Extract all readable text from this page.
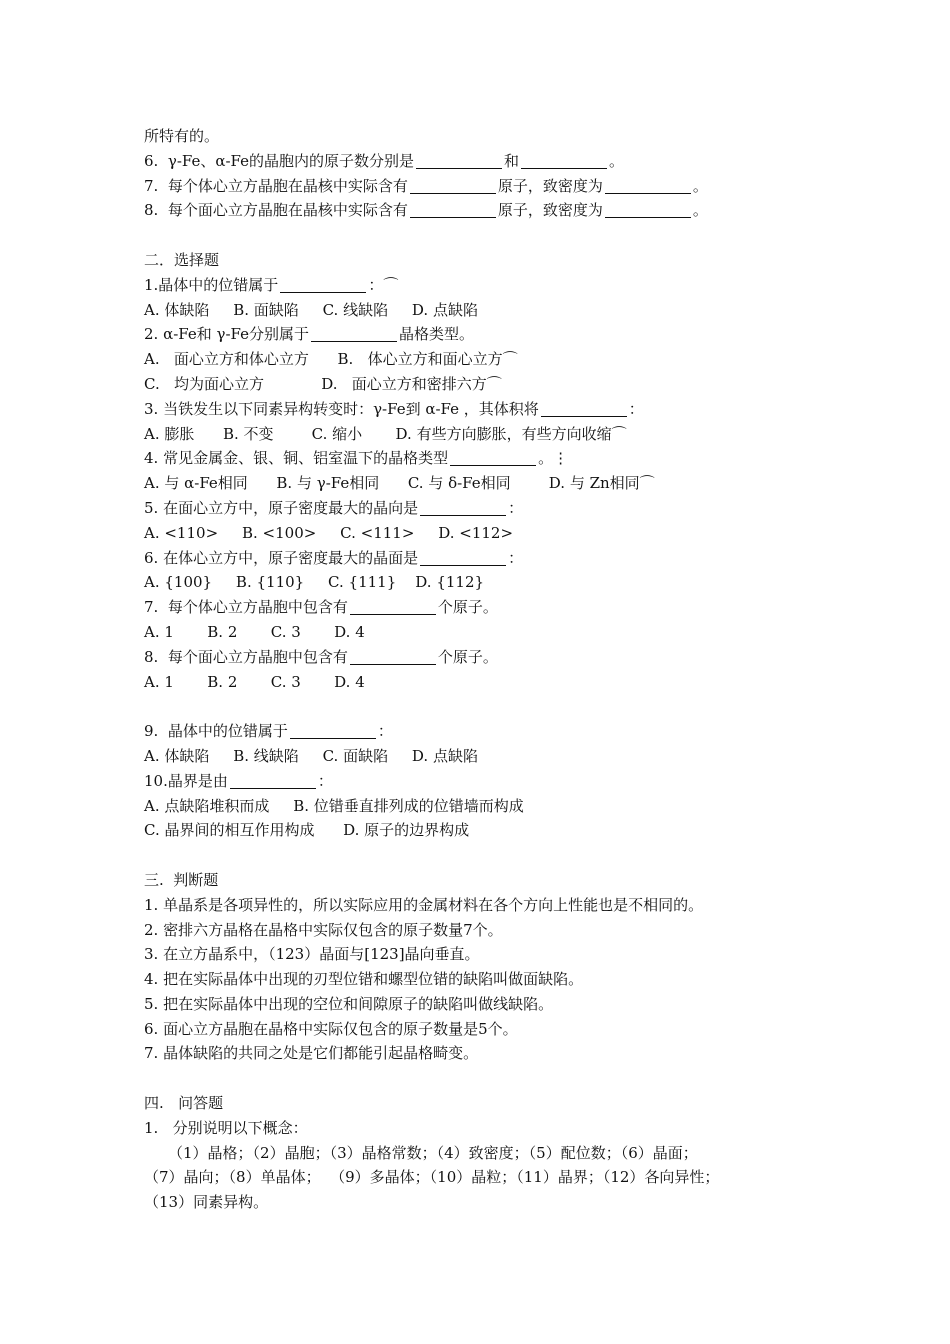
所特有的。
6.  γ-Fe、α-Fe的晶胞内的原子数分别是	和	。
7.  每个体心立方晶胞在晶核中实际含有	原子，致密度为	。
8.  每个面心立方晶胞在晶核中实际含有	原子，致密度为	。
二．选择题
1.晶体中的位错属于	：⌒
A. 体缺陷     B. 面缺陷     C. 线缺陷     D. 点缺陷
2. α-Fe和 γ-Fe分别属于	晶格类型。
A.   面心立方和体心立方      B.   体心立方和面心立方⌒
C.   均为面心立方            D.   面心立方和密排六方⌒
3. 当铁发生以下同素异构转变时：γ-Fe到 α-Fe ，其体积将	：
A. 膨胀      B. 不变        C. 缩小       D. 有些方向膨胀，有些方向收缩⌒
4. 常见金属金、银、铜、铝室温下的晶格类型	。⋮
A. 与 α-Fe相同      B. 与 γ-Fe相同      C. 与 δ-Fe相同        D. 与 Zn相同⌒
5. 在面心立方中，原子密度最大的晶向是	：
A. <110>     B. <100>     C. <111>     D. <112>
6. 在体心立方中，原子密度最大的晶面是	：
A. {100}     B. {110}     C. {111}    D. {112}
7.  每个体心立方晶胞中包含有	个原子。
A. 1       B. 2       C. 3       D. 4
8.  每个面心立方晶胞中包含有	个原子。
A. 1       B. 2       C. 3       D. 4
9.  晶体中的位错属于	：
A. 体缺陷     B. 线缺陷     C. 面缺陷     D. 点缺陷
10.晶界是由	：
A. 点缺陷堆积而成     B. 位错垂直排列成的位错墙而构成
C. 晶界间的相互作用构成      D. 原子的边界构成
三.  判断题
1. 单晶系是各项异性的，所以实际应用的金属材料在各个方向上性能也是不相同的。
2. 密排六方晶格在晶格中实际仅包含的原子数量7个。
3. 在立方晶系中，（123）晶面与[123]晶向垂直。
4. 把在实际晶体中出现的刃型位错和螺型位错的缺陷叫做面缺陷。
5. 把在实际晶体中出现的空位和间隙原子的缺陷叫做线缺陷。
6. 面心立方晶胞在晶格中实际仅包含的原子数量是5个。
7. 晶体缺陷的共同之处是它们都能引起晶格畸变。
四.   问答题
1.   分别说明以下概念：
（1）晶格；（2）晶胞；（3）晶格常数；（4）致密度；（5）配位数；（6）晶面；
（7）晶向；（8）单晶体；  （9）多晶体；（10）晶粒；（11）晶界；（12）各向异性；
（13）同素异构。
